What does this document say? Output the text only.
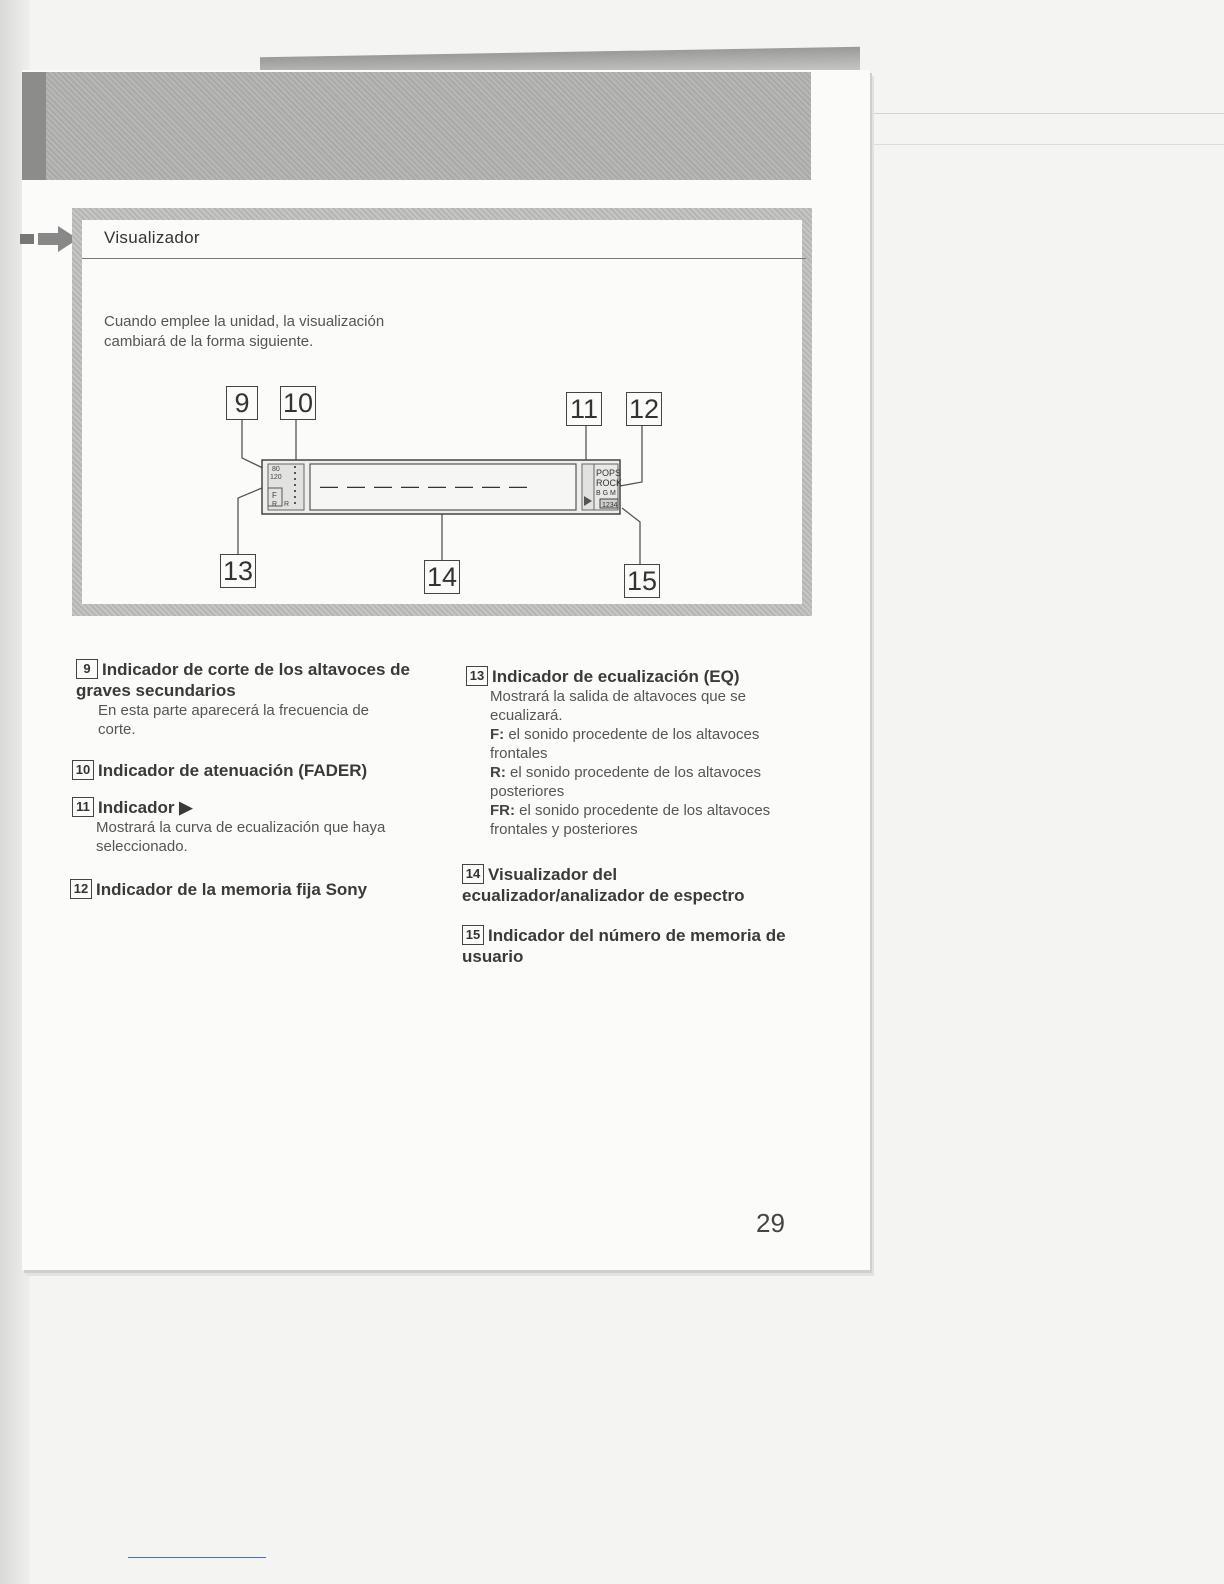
Visualizador
Cuando emplee la unidad, la visualización cambiará de la forma siguiente.
80
120
F
R R
— — — — — — — —
POPS
ROCK
B G M
1234
9	10	11 12
13	14	15
9 Indicador de corte de los altavoces de graves secundarios
En esta parte aparecerá la frecuencia de corte.
10 Indicador de atenuación (FADER)
11 Indicador ▶
Mostrará la curva de ecualización que haya seleccionado.
12 Indicador de la memoria fija Sony
13 Indicador de ecualización (EQ)
Mostrará la salida de altavoces que se ecualizará.
F: el sonido procedente de los altavoces frontales
R: el sonido procedente de los altavoces posteriores
FR: el sonido procedente de los altavoces frontales y posteriores
14 Visualizador del ecualizador/analizador de espectro
15 Indicador del número de memoria de usuario
29
